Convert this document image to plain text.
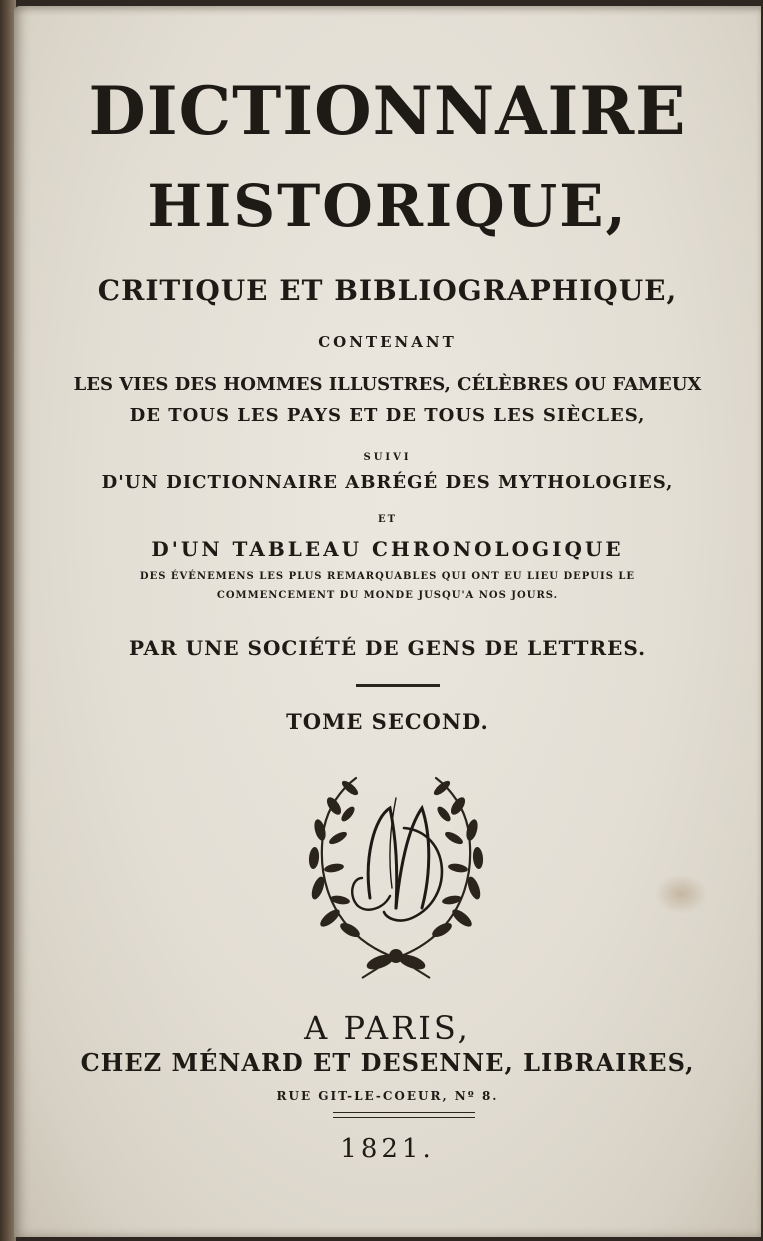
DICTIONNAIRE
HISTORIQUE,
CRITIQUE ET BIBLIOGRAPHIQUE,

CONTENANT

LES VIES DES HOMMES ILLUSTRES, CÉLÈBRES OU FAMEUX

DE TOUS LES PAYS ET DE TOUS LES SIÈCLES,

SUIVI

D'UN DICTIONNAIRE ABRÉGÉ DES MYTHOLOGIES,

ET

D'UN TABLEAU CHRONOLOGIQUE

DES ÉVÉNEMENS LES PLUS REMARQUABLES QUI ONT EU LIEU DEPUIS LE

COMMENCEMENT DU MONDE JUSQU'A NOS JOURS.

PAR UNE SOCIÉTÉ DE GENS DE LETTRES.

TOME SECOND.

A PARIS,

CHEZ MÉNARD ET DESENNE, LIBRAIRES,

RUE GIT-LE-COEUR, Nº 8.

1821.
